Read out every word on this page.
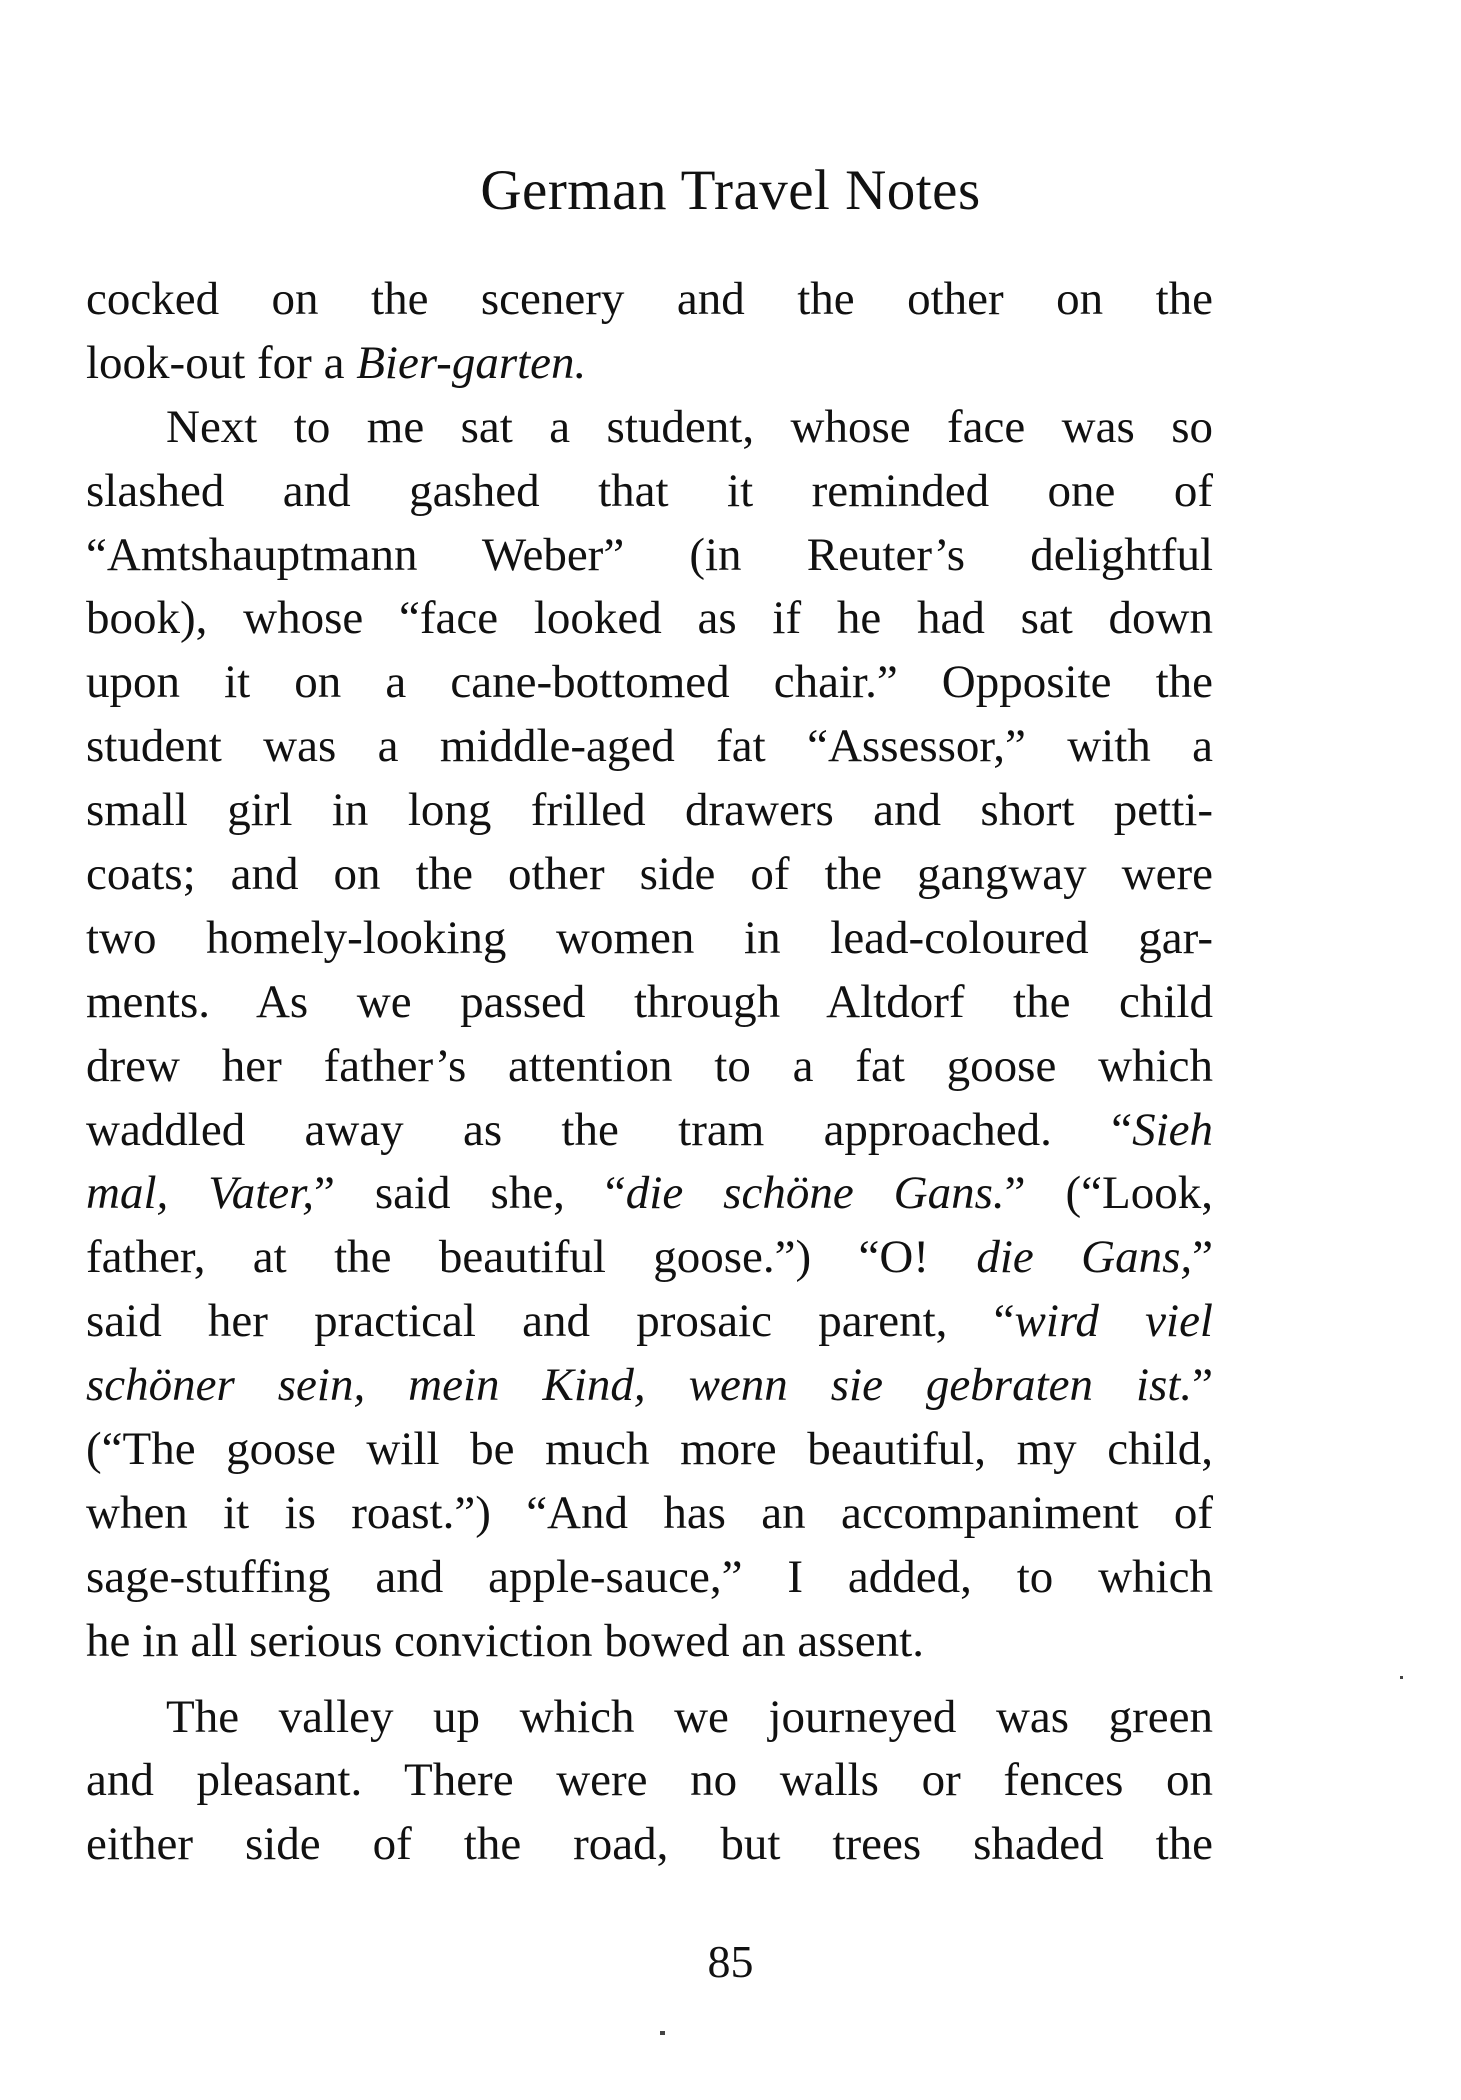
German Travel Notes
cocked on the scenery and the other on the
look-out for a Bier-garten.
Next to me sat a student, whose face was so
slashed and gashed that it reminded one of
“Amtshauptmann Weber” (in Reuter’s delightful
book), whose “face looked as if he had sat down
upon it on a cane-bottomed chair.” Opposite the
student was a middle-aged fat “Assessor,” with a
small girl in long frilled drawers and short petti-
coats; and on the other side of the gangway were
two homely-looking women in lead-coloured gar-
ments. As we passed through Altdorf the child
drew her father’s attention to a fat goose which
waddled away as the tram approached. “Sieh
mal, Vater,” said she, “die schöne Gans.” (“Look,
father, at the beautiful goose.”) “O! die Gans,”
said her practical and prosaic parent, “wird viel
schöner sein, mein Kind, wenn sie gebraten ist.”
(“The goose will be much more beautiful, my child,
when it is roast.”) “And has an accompaniment of
sage-stuffing and apple-sauce,” I added, to which
he in all serious conviction bowed an assent.
The valley up which we journeyed was green
and pleasant. There were no walls or fences on
either side of the road, but trees shaded the
85
